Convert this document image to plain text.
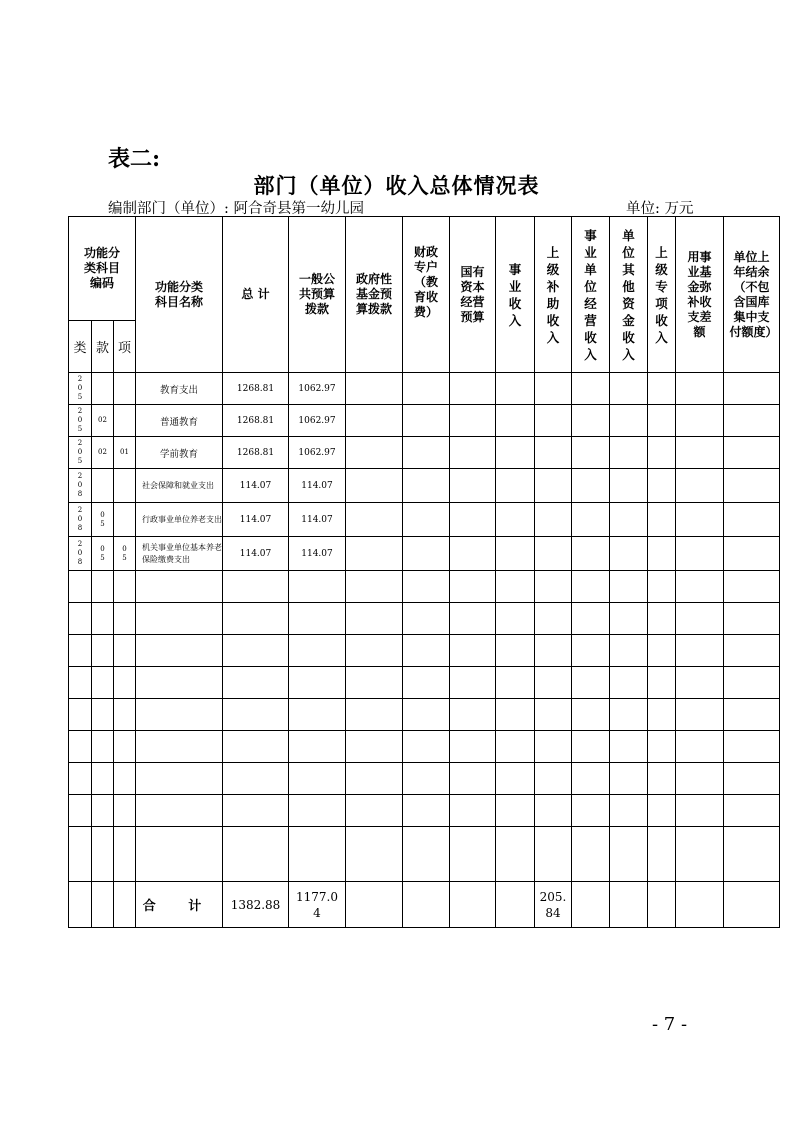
表二:
部门（单位）收入总体情况表
编制部门（单位）: 阿合奇县第一幼儿园	单位: 万元
功能分类科目编码			功能分类科目名称	总 计	一般公共预算拨款	政府性基金预算拨款	财政专户（教育收费）	国有资本经营预算	事业收入	上级补助收入	事业单位经营收入	单位其他资金收入	上级专项收入	用事业基金弥补收支差额	单位上年结余（不包含国库集中支付额度）

类	款	项													

205			教育支出	1268.81	1062.97										

205	02		普通教育	1268.81	1062.97										

205	02	01	学前教育	1268.81	1062.97										

208			社会保障和就业支出	114.07	114.07										

208	05		行政事业单位养老支出	114.07	114.07										

208	05	05	机关事业单位基本养老保险缴费支出	114.07	114.07										

			合 计	1382.88	1177.04					205.84					

- 7 -
